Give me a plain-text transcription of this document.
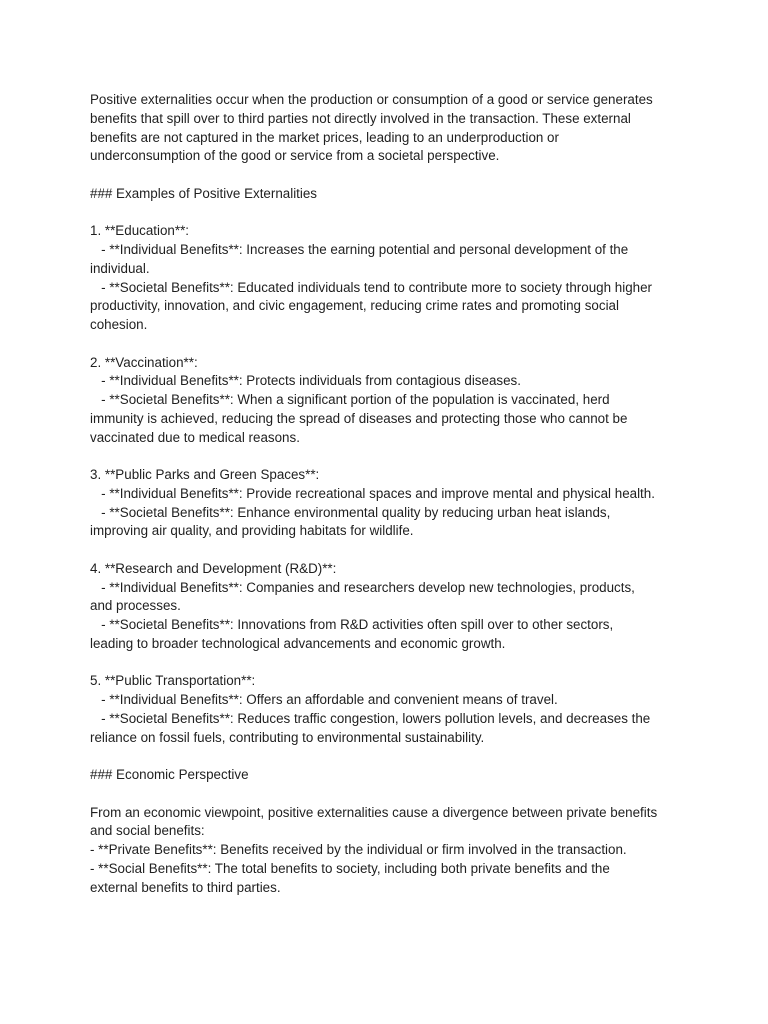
Positive externalities occur when the production or consumption of a good or service generates

benefits that spill over to third parties not directly involved in the transaction. These external

benefits are not captured in the market prices, leading to an underproduction or

underconsumption of the good or service from a societal perspective.

### Examples of Positive Externalities

1. **Education**:

- **Individual Benefits**: Increases the earning potential and personal development of the

individual.

- **Societal Benefits**: Educated individuals tend to contribute more to society through higher

productivity, innovation, and civic engagement, reducing crime rates and promoting social

cohesion.

2. **Vaccination**:

- **Individual Benefits**: Protects individuals from contagious diseases.

- **Societal Benefits**: When a significant portion of the population is vaccinated, herd

immunity is achieved, reducing the spread of diseases and protecting those who cannot be

vaccinated due to medical reasons.

3. **Public Parks and Green Spaces**:

- **Individual Benefits**: Provide recreational spaces and improve mental and physical health.

- **Societal Benefits**: Enhance environmental quality by reducing urban heat islands,

improving air quality, and providing habitats for wildlife.

4. **Research and Development (R&D)**:

- **Individual Benefits**: Companies and researchers develop new technologies, products,

and processes.

- **Societal Benefits**: Innovations from R&D activities often spill over to other sectors,

leading to broader technological advancements and economic growth.

5. **Public Transportation**:

- **Individual Benefits**: Offers an affordable and convenient means of travel.

- **Societal Benefits**: Reduces traffic congestion, lowers pollution levels, and decreases the

reliance on fossil fuels, contributing to environmental sustainability.

### Economic Perspective

From an economic viewpoint, positive externalities cause a divergence between private benefits

and social benefits:

- **Private Benefits**: Benefits received by the individual or firm involved in the transaction.

- **Social Benefits**: The total benefits to society, including both private benefits and the

external benefits to third parties.
